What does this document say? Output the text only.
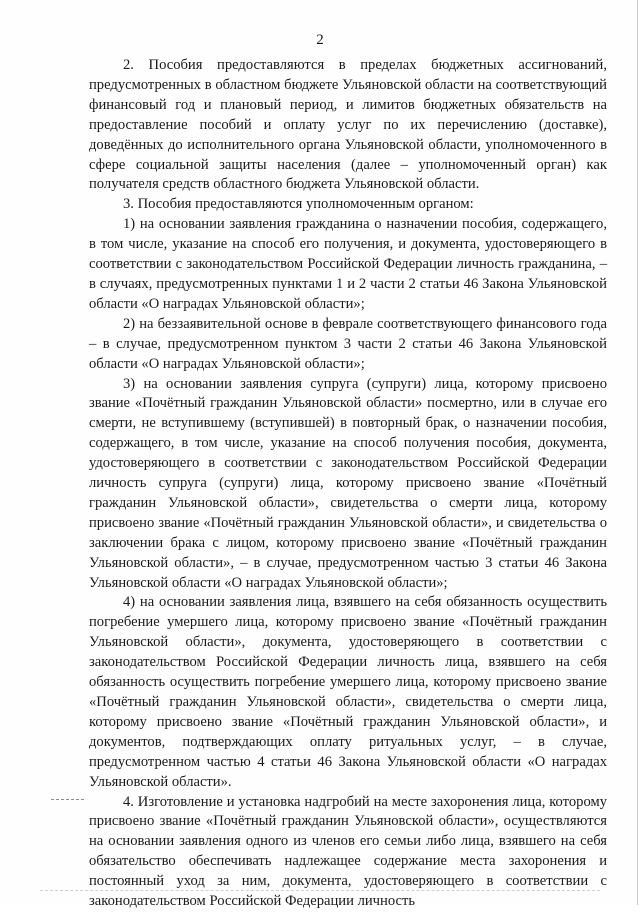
2

2. Пособия предоставляются в пределах бюджетных ассигнований, предусмотренных в областном бюджете Ульяновской области на соответствующий финансовый год и плановый период, и лимитов бюджетных обязательств на предоставление пособий и оплату услуг по их перечислению (доставке), доведённых до исполнительного органа Ульяновской области, уполномоченного в сфере социальной защиты населения (далее – уполномоченный орган) как получателя средств областного бюджета Ульяновской области.

3. Пособия предоставляются уполномоченным органом:

1) на основании заявления гражданина о назначении пособия, содержащего, в том числе, указание на способ его получения, и документа, удостоверяющего в соответствии с законодательством Российской Федерации личность гражданина, – в случаях, предусмотренных пунктами 1 и 2 части 2 статьи 46 Закона Ульяновской области «О наградах Ульяновской области»;

2) на беззаявительной основе в феврале соответствующего финансового года – в случае, предусмотренном пунктом 3 части 2 статьи 46 Закона Ульяновской области «О наградах Ульяновской области»;

3) на основании заявления супруга (супруги) лица, которому присвоено звание «Почётный гражданин Ульяновской области» посмертно, или в случае его смерти, не вступившему (вступившей) в повторный брак, о назначении пособия, содержащего, в том числе, указание на способ получения пособия, документа, удостоверяющего в соответствии с законодательством Российской Федерации личность супруга (супруги) лица, которому присвоено звание «Почётный гражданин Ульяновской области», свидетельства о смерти лица, которому присвоено звание «Почётный гражданин Ульяновской области», и свидетельства о заключении брака с лицом, которому присвоено звание «Почётный гражданин Ульяновской области», – в случае, предусмотренном частью 3 статьи 46 Закона Ульяновской области «О наградах Ульяновской области»;

4) на основании заявления лица, взявшего на себя обязанность осуществить погребение умершего лица, которому присвоено звание «Почётный гражданин Ульяновской области», документа, удостоверяющего в соответствии с законодательством Российской Федерации личность лица, взявшего на себя обязанность осуществить погребение умершего лица, которому присвоено звание «Почётный гражданин Ульяновской области», свидетельства о смерти лица, которому присвоено звание «Почётный гражданин Ульяновской области», и документов, подтверждающих оплату ритуальных услуг, – в случае, предусмотренном частью 4 статьи 46 Закона Ульяновской области «О наградах Ульяновской области».

4. Изготовление и установка надгробий на месте захоронения лица, которому присвоено звание «Почётный гражданин Ульяновской области», осуществляются на основании заявления одного из членов его семьи либо лица, взявшего на себя обязательство обеспечивать надлежащее содержание места захоронения и постоянный уход за ним, документа, удостоверяющего в соответствии с законодательством Российской Федерации личность
